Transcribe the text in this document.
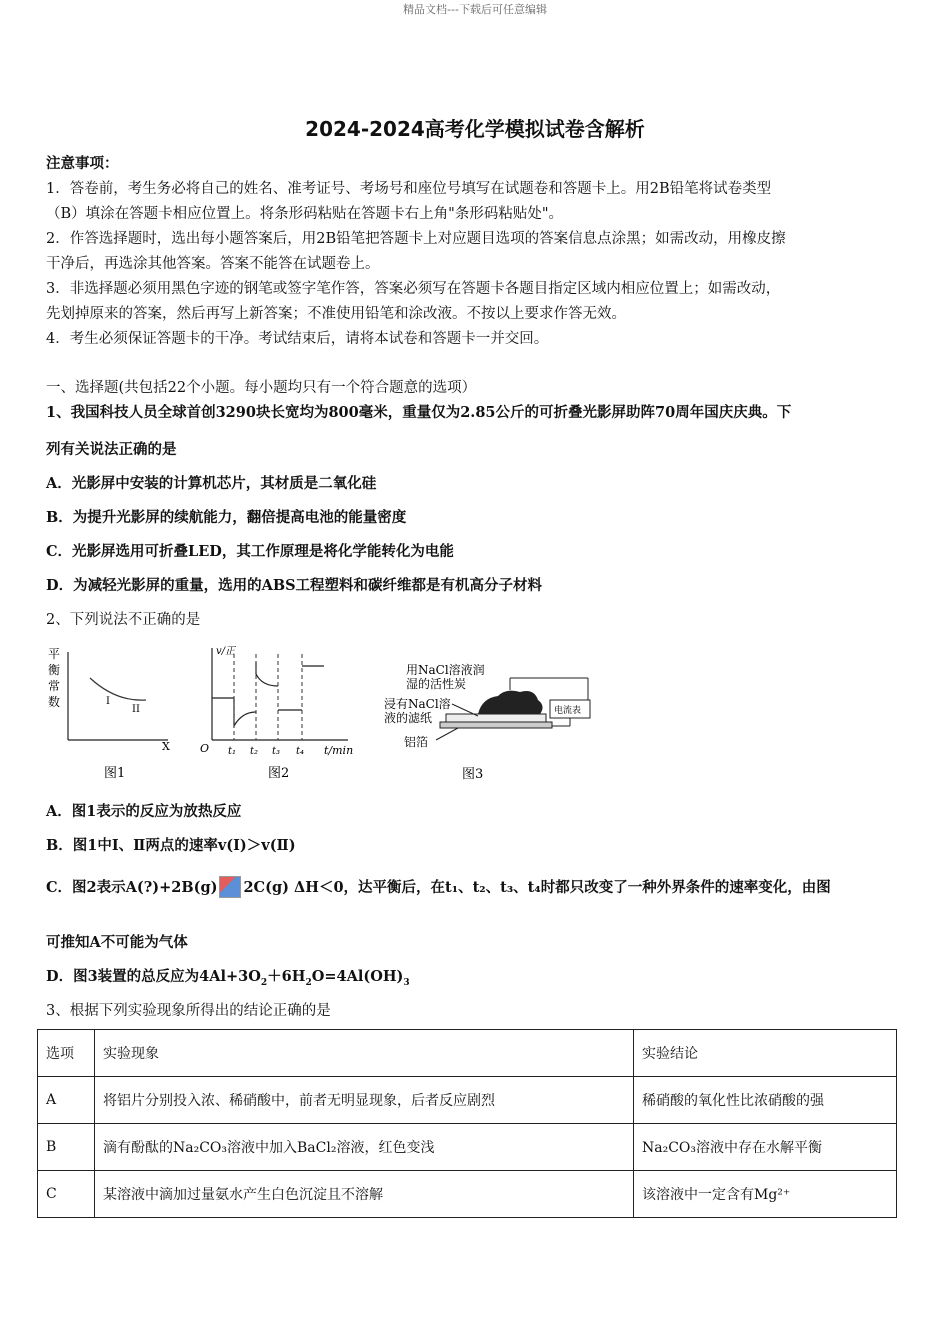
精品文档---下载后可任意编辑
2024-2024高考化学模拟试卷含解析
注意事项：
1．答卷前，考生务必将自己的姓名、准考证号、考场号和座位号填写在试题卷和答题卡上。用2B铅笔将试卷类型
（B）填涂在答题卡相应位置上。将条形码粘贴在答题卡右上角"条形码粘贴处"。
2．作答选择题时，选出每小题答案后，用2B铅笔把答题卡上对应题目选项的答案信息点涂黑；如需改动，用橡皮擦
干净后，再选涂其他答案。答案不能答在试题卷上。
3．非选择题必须用黑色字迹的钢笔或签字笔作答，答案必须写在答题卡各题目指定区域内相应位置上；如需改动，
先划掉原来的答案，然后再写上新答案；不准使用铅笔和涂改液。不按以上要求作答无效。
4．考生必须保证答题卡的干净。考试结束后，请将本试卷和答题卡一并交回。
一、选择题(共包括22个小题。每小题均只有一个符合题意的选项）
1、我国科技人员全球首创3290块长宽均为800毫米，重量仅为2.85公斤的可折叠光影屏助阵70周年国庆庆典。下
列有关说法正确的是
A．光影屏中安装的计算机芯片，其材质是二氧化硅
B．为提升光影屏的续航能力，翻倍提高电池的能量密度
C．光影屏选用可折叠LED，其工作原理是将化学能转化为电能
D．为减轻光影屏的重量，选用的ABS工程塑料和碳纤维都是有机高分子材料
2、下列说法不正确的是
平
衡
常
数	I
II
X
图1
v/正
O t₁ t₂ t₃ t₄ t/min
图2
用NaCl溶液润
湿的活性炭
浸有NaCl溶
液的滤纸
铝箔
电流表
图3
A．图1表示的反应为放热反应
B．图1中Ⅰ、Ⅱ两点的速率v(Ⅰ)＞v(Ⅱ)
C．图2表示A(?)+2B(g) 2C(g) ΔH＜0，达平衡后，在t₁、t₂、t₃、t₄时都只改变了一种外界条件的速率变化，由图
可推知A不可能为气体
D．图3装置的总反应为$4Al+3O_2+6H_2O=4Al(OH)_3$
3、根据下列实验现象所得出的结论正确的是
选项	实验现象	实验结论
A	将铝片分别投入浓、稀硝酸中，前者无明显现象，后者反应剧烈	稀硝酸的氧化性比浓硝酸的强
B	滴有酚酞的Na₂CO₃溶液中加入BaCl₂溶液，红色变浅	Na₂CO₃溶液中存在水解平衡
C	某溶液中滴加过量氨水产生白色沉淀且不溶解	该溶液中一定含有Mg²⁺
